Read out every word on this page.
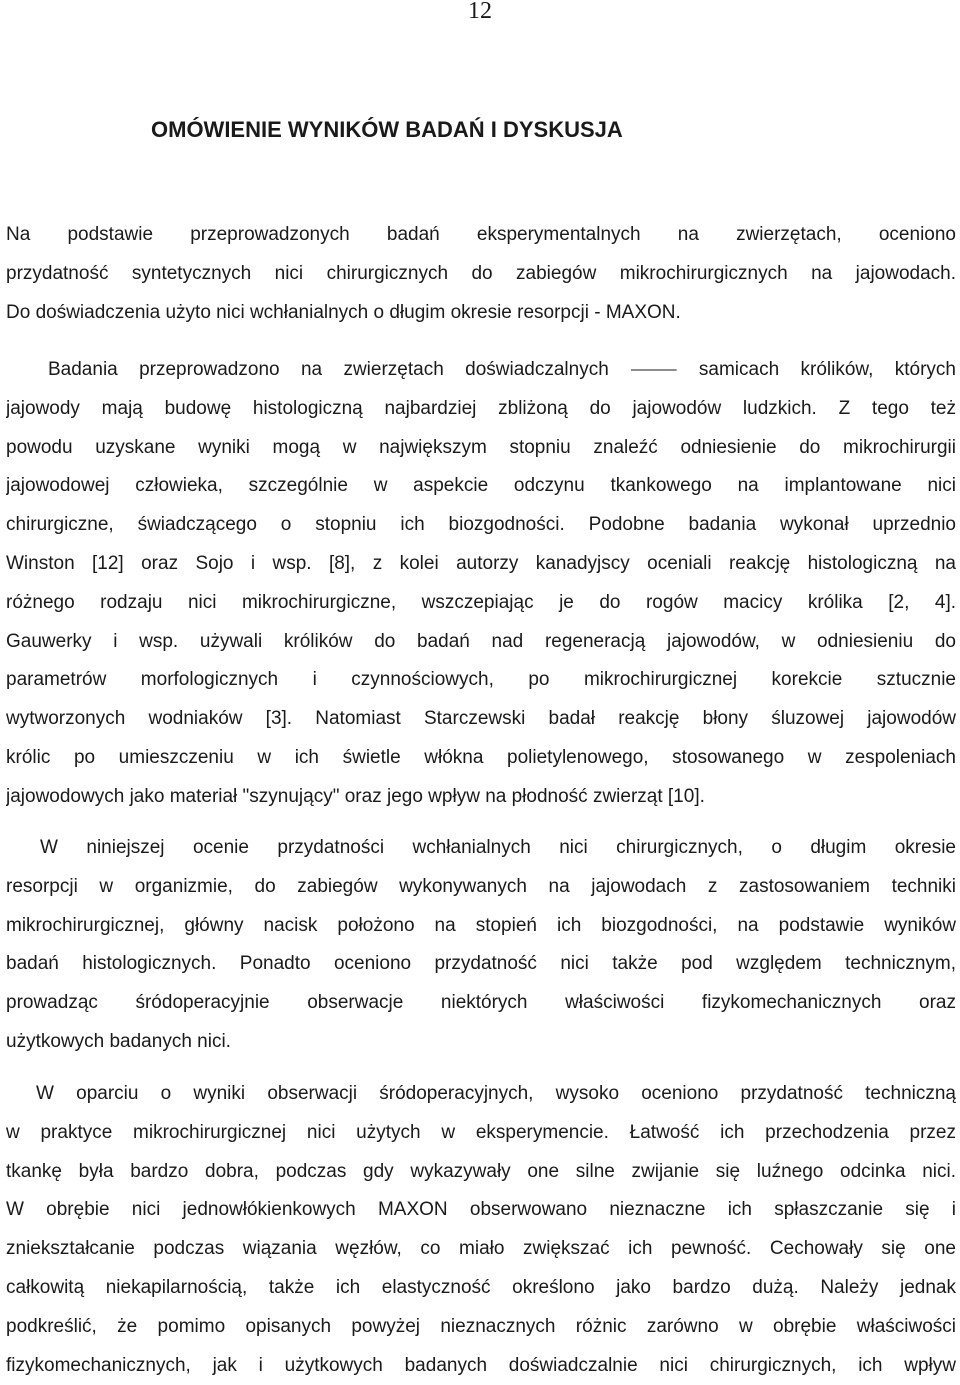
12
OMÓWIENIE WYNIKÓW BADAŃ I DYSKUSJA
Na podstawie przeprowadzonych badań eksperymentalnych na zwierzętach, oceniono
przydatność syntetycznych nici chirurgicznych do zabiegów mikrochirurgicznych na jajowodach.
Do doświadczenia użyto nici wchłanialnych o długim okresie resorpcji - MAXON.
Badania przeprowadzono na zwierzętach doświadczalnych ⸻ samicach królików, których
jajowody mają budowę histologiczną najbardziej zbliżoną do jajowodów ludzkich. Z tego też
powodu uzyskane wyniki mogą w największym stopniu znaleźć odniesienie do mikrochirurgii
jajowodowej człowieka, szczególnie w aspekcie odczynu tkankowego na implantowane nici
chirurgiczne, świadczącego o stopniu ich biozgodności. Podobne badania wykonał uprzednio
Winston [12] oraz Sojo i wsp. [8], z kolei autorzy kanadyjscy oceniali reakcję histologiczną na
różnego rodzaju nici mikrochirurgiczne, wszczepiając je do rogów macicy królika [2, 4].
Gauwerky i wsp. używali królików do badań nad regeneracją jajowodów, w odniesieniu do
parametrów morfologicznych i czynnościowych, po mikrochirurgicznej korekcie sztucznie
wytworzonych wodniaków [3]. Natomiast Starczewski badał reakcję błony śluzowej jajowodów
królic po umieszczeniu w ich świetle włókna polietylenowego, stosowanego w zespoleniach
jajowodowych jako materiał "szynujący" oraz jego wpływ na płodność zwierząt [10].
W niniejszej ocenie przydatności wchłanialnych nici chirurgicznych, o długim okresie
resorpcji w organizmie, do zabiegów wykonywanych na jajowodach z zastosowaniem techniki
mikrochirurgicznej, główny nacisk położono na stopień ich biozgodności, na podstawie wyników
badań histologicznych. Ponadto oceniono przydatność nici także pod względem technicznym,
prowadząc śródoperacyjnie obserwacje niektórych właściwości fizykomechanicznych oraz
użytkowych badanych nici.
W oparciu o wyniki obserwacji śródoperacyjnych, wysoko oceniono przydatność techniczną
w praktyce mikrochirurgicznej nici użytych w eksperymencie. Łatwość ich przechodzenia przez
tkankę była bardzo dobra, podczas gdy wykazywały one silne zwijanie się luźnego odcinka nici.
W obrębie nici jednowłókienkowych MAXON obserwowano nieznaczne ich spłaszczanie się i
zniekształcanie podczas wiązania węzłów, co miało zwiększać ich pewność. Cechowały się one
całkowitą niekapilarnością, także ich elastyczność określono jako bardzo dużą. Należy jednak
podkreślić, że pomimo opisanych powyżej nieznacznych różnic zarówno w obrębie właściwości
fizykomechanicznych, jak i użytkowych badanych doświadczalnie nici chirurgicznych, ich wpływ
